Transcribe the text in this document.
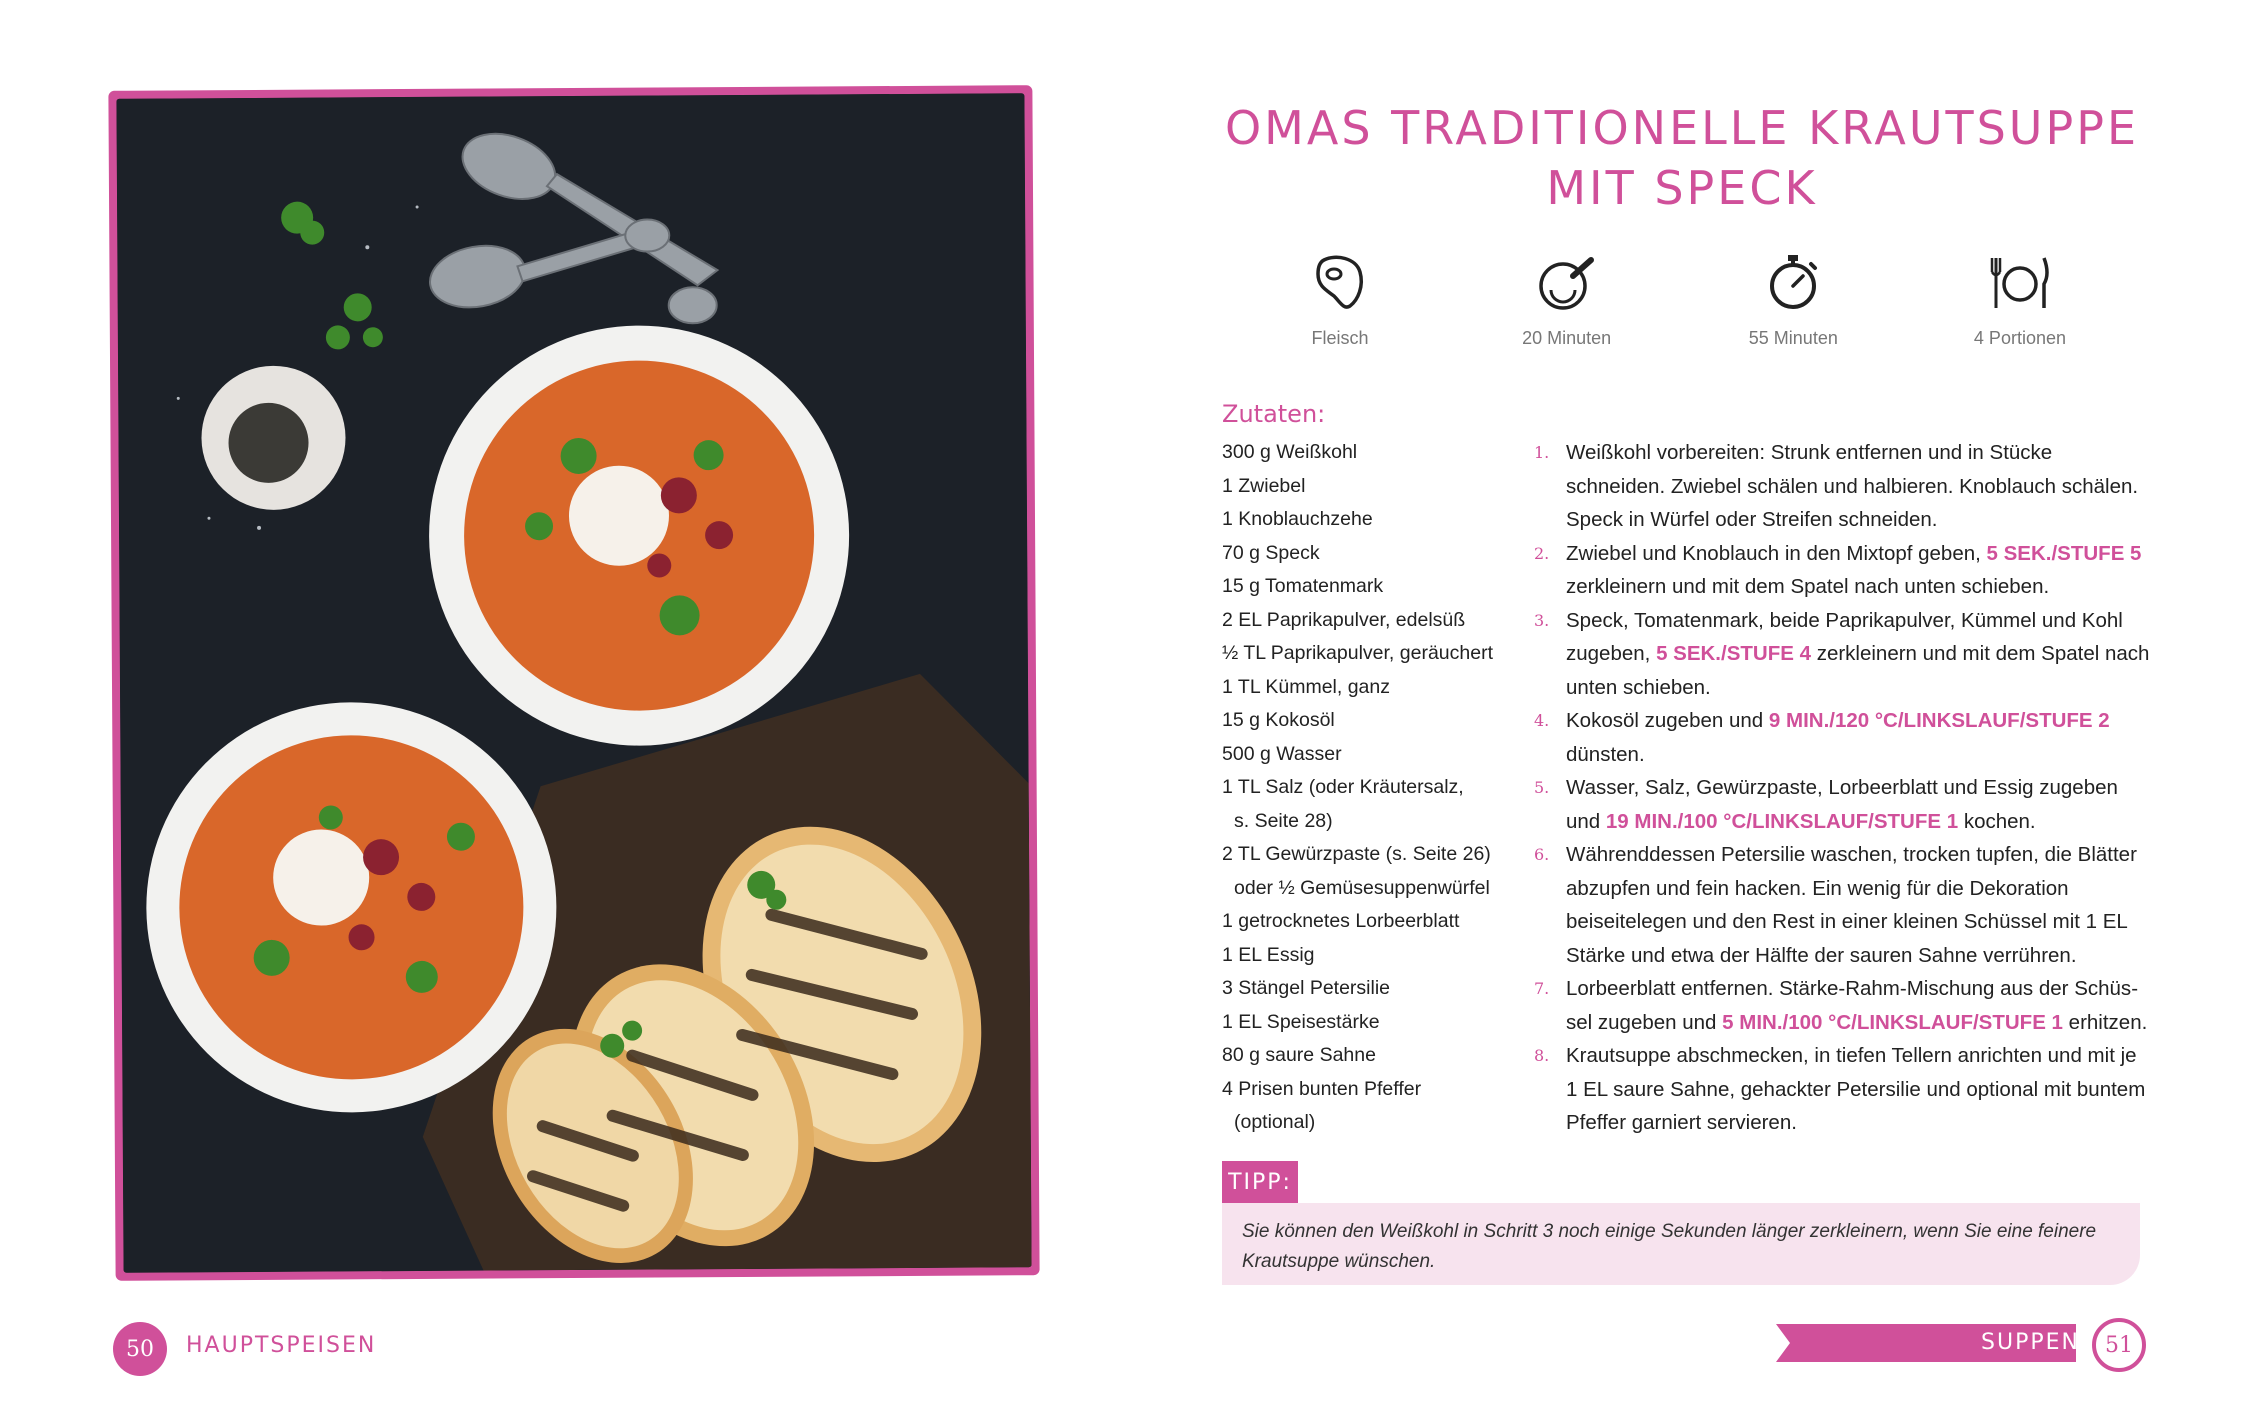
50	HAUPTSPEISEN
OMAS TRADITIONELLE KRAUTSUPPE
MIT SPECK
Fleisch	20 Minuten	55 Minuten	4 Portionen
Zutaten:
300 g Weißkohl
1 Zwiebel
1 Knoblauchzehe
70 g Speck
15 g Tomatenmark
2 EL Paprikapulver, edelsüß
½ TL Paprikapulver, geräuchert
1 TL Kümmel, ganz
15 g Kokosöl
500 g Wasser
1 TL Salz (oder Kräutersalz,
s. Seite 28)
2 TL Gewürzpaste (s. Seite 26)
oder ½ Gemüsesuppenwürfel
1 getrocknetes Lorbeerblatt
1 EL Essig
3 Stängel Petersilie
1 EL Speisestärke
80 g saure Sahne
4 Prisen bunten Pfeffer
(optional)
1. Weißkohl vorbereiten: Strunk entfernen und in Stücke schneiden. Zwiebel schälen und halbieren. Knoblauch schälen. Speck in Würfel oder Streifen schneiden.
2. Zwiebel und Knoblauch in den Mixtopf geben, 5 SEK./STUFE 5 zerkleinern und mit dem Spatel nach unten schieben.
3. Speck, Tomatenmark, beide Paprikapulver, Kümmel und Kohl zugeben, 5 SEK./STUFE 4 zerkleinern und mit dem Spatel nach unten schieben.
4. Kokosöl zugeben und 9 MIN./120 °C/LINKSLAUF/STUFE 2 dünsten.
5. Wasser, Salz, Gewürzpaste, Lorbeerblatt und Essig zugeben und 19 MIN./100 °C/LINKSLAUF/STUFE 1 kochen.
6. Währenddessen Petersilie waschen, trocken tupfen, die Blätter abzupfen und fein hacken. Ein wenig für die Dekoration beiseitelegen und den Rest in einer kleinen Schüssel mit 1 EL Stärke und etwa der Hälfte der sauren Sahne verrühren.
7. Lorbeerblatt entfernen. Stärke-Rahm-Mischung aus der Schüssel zugeben und 5 MIN./100 °C/LINKSLAUF/STUFE 1 erhitzen.
8. Krautsuppe abschmecken, in tiefen Tellern anrichten und mit je 1 EL saure Sahne, gehackter Petersilie und optional mit buntem Pfeffer garniert servieren.
TIPP:
Sie können den Weißkohl in Schritt 3 noch einige Sekunden länger zerkleinern, wenn Sie eine feinere Krautsuppe wünschen.
SUPPEN	51
